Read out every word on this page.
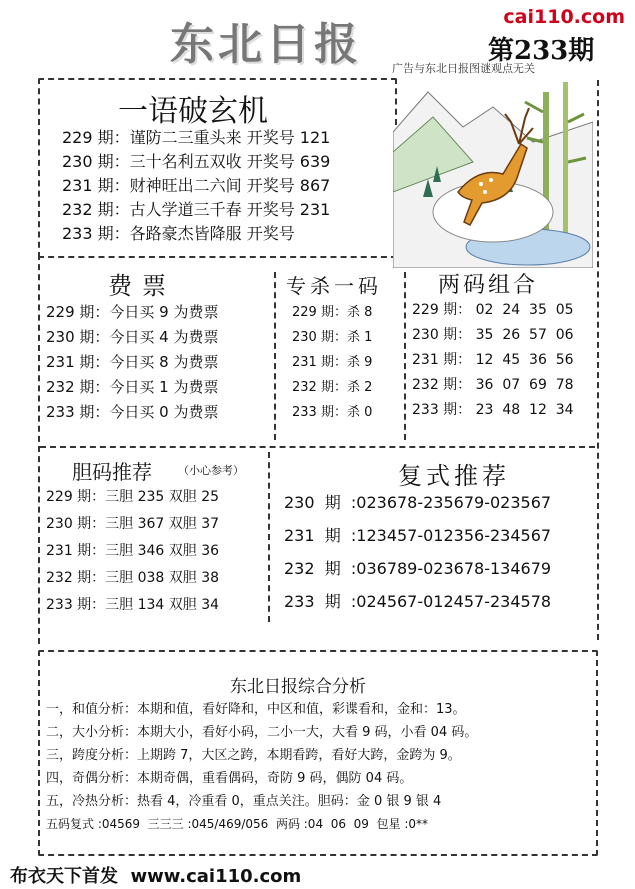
东北日报
cai110.com
第233期
广告与东北日报图谜观点无关
一语破玄机
229 期：谨防二三重头来 开奖号 121
230 期：三十名利五双收 开奖号 639
231 期：财神旺出二六间 开奖号 867
232 期：古人学道三千春 开奖号 231
233 期：各路豪杰皆降服 开奖号
费票
229 期：今日买 9 为费票
230 期：今日买 4 为费票
231 期：今日买 8 为费票
232 期：今日买 1 为费票
233 期：今日买 0 为费票
专杀一码
229 期：杀 8
230 期：杀 1
231 期：杀 9
232 期：杀 2
233 期：杀 0
两码组合
229 期： 02  24  35  05
230 期： 35  26  57  06
231 期： 12  45  36  56
232 期： 36  07  69  78
233 期： 23  48  12  34
胆码推荐 （小心参考）
229 期：三胆 235 双胆 25
230 期：三胆 367 双胆 37
231 期：三胆 346 双胆 36
232 期：三胆 038 双胆 38
233 期：三胆 134 双胆 34
复式推荐
230  期  :023678-235679-023567
231  期  :123457-012356-234567
232  期  :036789-023678-134679
233  期  :024567-012457-234578
东北日报综合分析
一，和值分析：本期和值，看好降和，中区和值，彩谍看和，金和：13。
二，大小分析：本期大小，看好小码，二小一大，大看 9 码，小看 04 码。
三，跨度分析：上期跨 7，大区之跨，本期看跨，看好大跨，金跨为 9。
四，奇偶分析：本期奇偶，重看偶码，奇防 9 码，偶防 04 码。
五，冷热分析：热看 4，冷重看 0，重点关注。胆码：金 0 银 9 银 4
五码复式 :04569  三三三 :045/469/056  两码 :04  06  09  包星 :0**
布衣天下首发  www.cai110.com
